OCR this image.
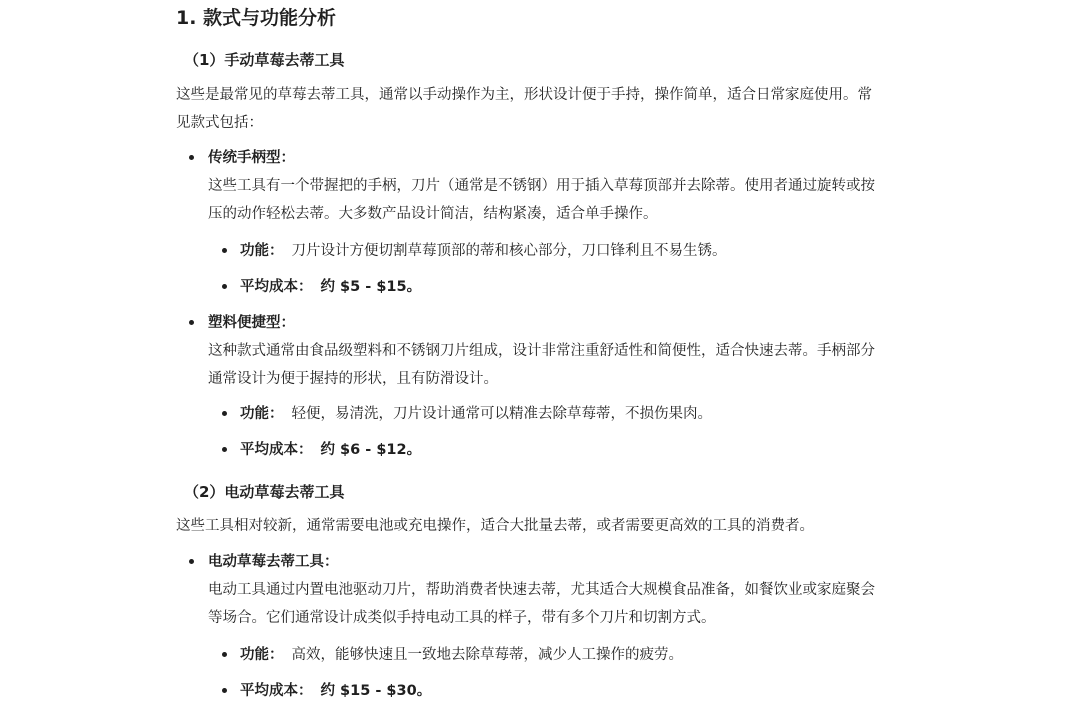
1. 款式与功能分析
（1）手动草莓去蒂工具
这些是最常见的草莓去蒂工具，通常以手动操作为主，形状设计便于手持，操作简单，适合日常家庭使用。常
见款式包括：
传统手柄型：
这些工具有一个带握把的手柄，刀片（通常是不锈钢）用于插入草莓顶部并去除蒂。使用者通过旋转或按
压的动作轻松去蒂。大多数产品设计简洁，结构紧凑，适合单手操作。
功能： 刀片设计方便切割草莓顶部的蒂和核心部分，刀口锋利且不易生锈。
平均成本： 约 $5 - $15。
塑料便捷型：
这种款式通常由食品级塑料和不锈钢刀片组成，设计非常注重舒适性和简便性，适合快速去蒂。手柄部分
通常设计为便于握持的形状，且有防滑设计。
功能： 轻便，易清洗，刀片设计通常可以精准去除草莓蒂，不损伤果肉。
平均成本： 约 $6 - $12。
（2）电动草莓去蒂工具
这些工具相对较新，通常需要电池或充电操作，适合大批量去蒂，或者需要更高效的工具的消费者。
电动草莓去蒂工具：
电动工具通过内置电池驱动刀片，帮助消费者快速去蒂，尤其适合大规模食品准备，如餐饮业或家庭聚会
等场合。它们通常设计成类似手持电动工具的样子，带有多个刀片和切割方式。
功能： 高效，能够快速且一致地去除草莓蒂，减少人工操作的疲劳。
平均成本： 约 $15 - $30。
